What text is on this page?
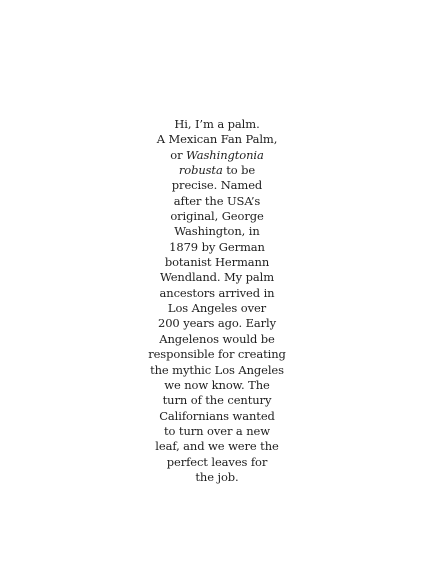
Hi, I’m a palm.
A Mexican Fan Palm,
or Washingtonia
robusta to be
precise. Named
after the USA’s
original, George
Washington, in
1879 by German
botanist Hermann
Wendland. My palm
ancestors arrived in
Los Angeles over
200 years ago. Early
Angelenos would be
responsible for creating
the mythic Los Angeles
we now know. The
turn of the century
Californians wanted
to turn over a new
leaf, and we were the
perfect leaves for
the job.
